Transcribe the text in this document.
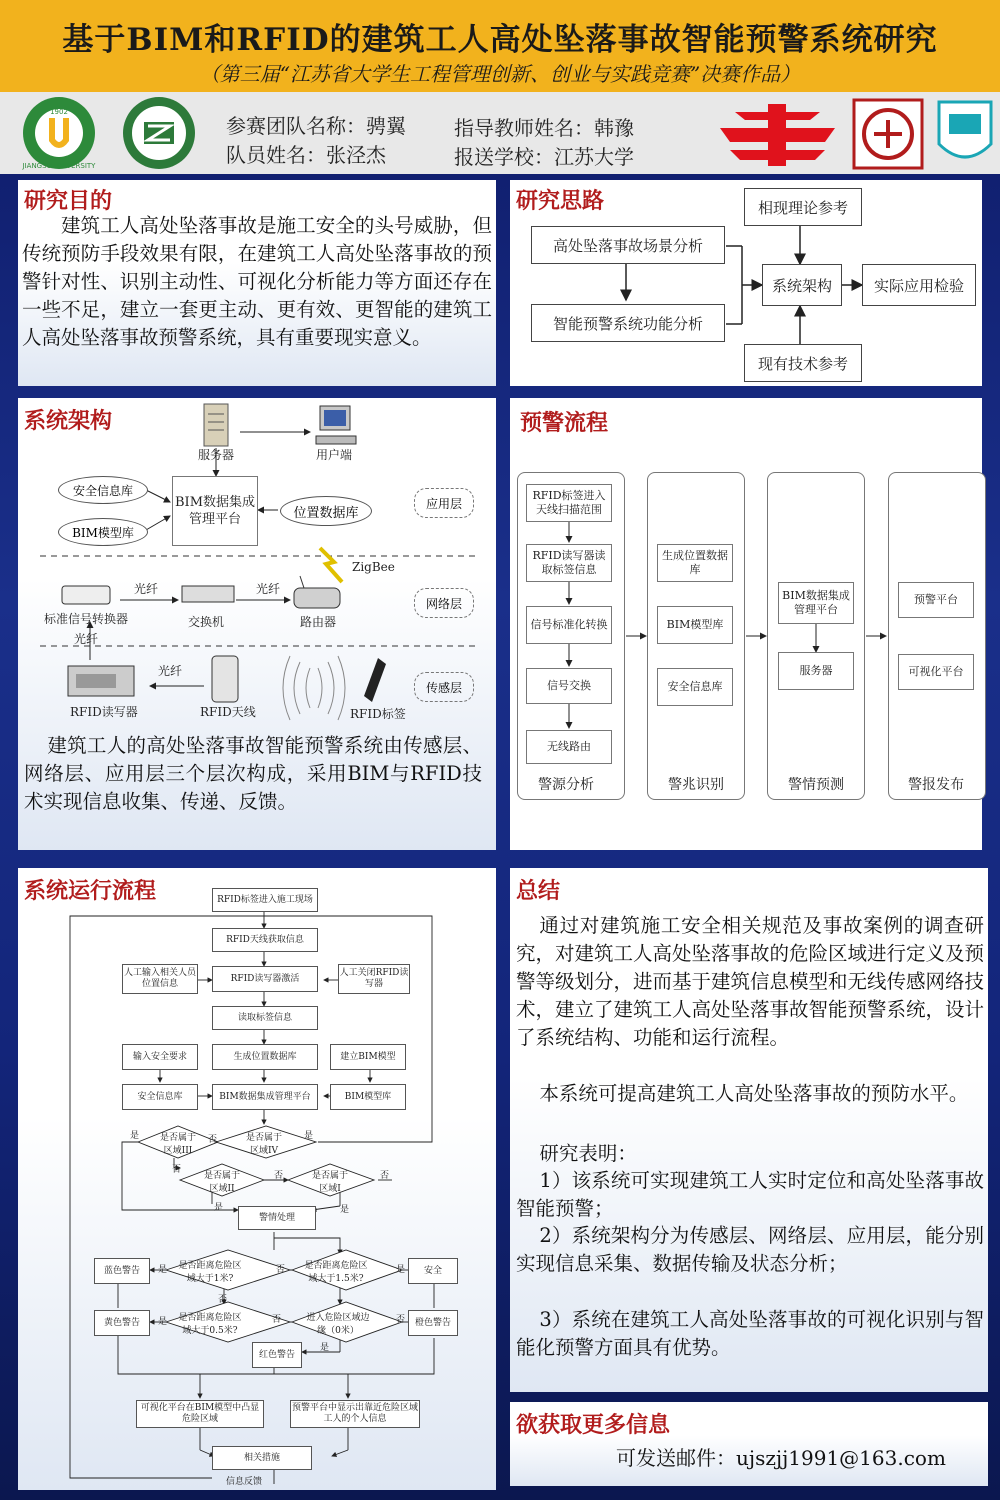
基于BIM和RFID的建筑工人高处坠落事故智能预警系统研究
（第三届“江苏省大学生工程管理创新、创业与实践竞赛”决赛作品）
JIANGSU UNIVERSITY
1902
参赛团队名称：骋翼 指导教师姓名：韩豫
队员姓名：张泾杰	报送学校：江苏大学
研究目的
建筑工人高处坠落事故是施工安全的头号威胁，但传统预防手段效果有限，在建筑工人高处坠落事故的预警针对性、识别主动性、可视化分析能力等方面还存在一些不足，建立一套更主动、更有效、更智能的建筑工人高处坠落事故预警系统，具有重要现实意义。
研究思路
高处坠落事故场景分析
智能预警系统功能分析
相现理论参考
系统架构	实际应用检验
现有技术参考
系统架构
服务器	用户端
安全信息库
BIM模型库
BIM数据集成管理平台	位置数据库
应用层
ZigBee
光纤	光纤
标准信号转换器	交换机	路由器
网络层
光纤
光纤
RFID读写器	RFID天线	RFID标签
传感层
建筑工人的高处坠落事故智能预警系统由传感层、网络层、应用层三个层次构成，采用BIM与RFID技术实现信息收集、传递、反馈。
预警流程
RFID标签进入天线扫描范围
RFID读写器读取标签信息
信号标准化转换
信号交换
无线路由
警源分析
生成位置数据库
BIM模型库
安全信息库
警兆识别
BIM数据集成管理平台
服务器
警情预测
预警平台
可视化平台
警报发布
系统运行流程	RFID标签进入施工现场
RFID天线获取信息
RFID读写器激活
人工输入相关人员位置信息
人工关闭RFID读写器
读取标签信息
输入安全要求	生成位置数据库	建立BIM模型
安全信息库	BIM数据集成管理平台	BIM模型库
是否属于区域III
是否属于区域IV
是否属于区域II
是否属于区域I
警情处理
是否距离危险区域大于1米?
是否距离危险区域大于1.5米?
蓝色警告	安全
是否距离危险区域大于0.5米?
进入危险区域边缘（0米）
黄色警告	橙色警告
红色警告
可视化平台在BIM模型中凸显危险区域
预警平台中显示出靠近危险区域工人的个人信息
相关措施
信息反馈
是	否	是
否
否	否
是	是
是	否	是
否
是	否	否
是
总结
通过对建筑施工安全相关规范及事故案例的调查研究，对建筑工人高处坠落事故的危险区域进行定义及预警等级划分，进而基于建筑信息模型和无线传感网络技术，建立了建筑工人高处坠落事故智能预警系统，设计了系统结构、功能和运行流程。
本系统可提高建筑工人高处坠落事故的预防水平。
研究表明：
1）该系统可实现建筑工人实时定位和高处坠落事故智能预警；
2）系统架构分为传感层、网络层、应用层，能分别实现信息采集、数据传输及状态分析；
3）系统在建筑工人高处坠落事故的可视化识别与智能化预警方面具有优势。
欲获取更多信息
可发送邮件：ujszjj1991@163.com
